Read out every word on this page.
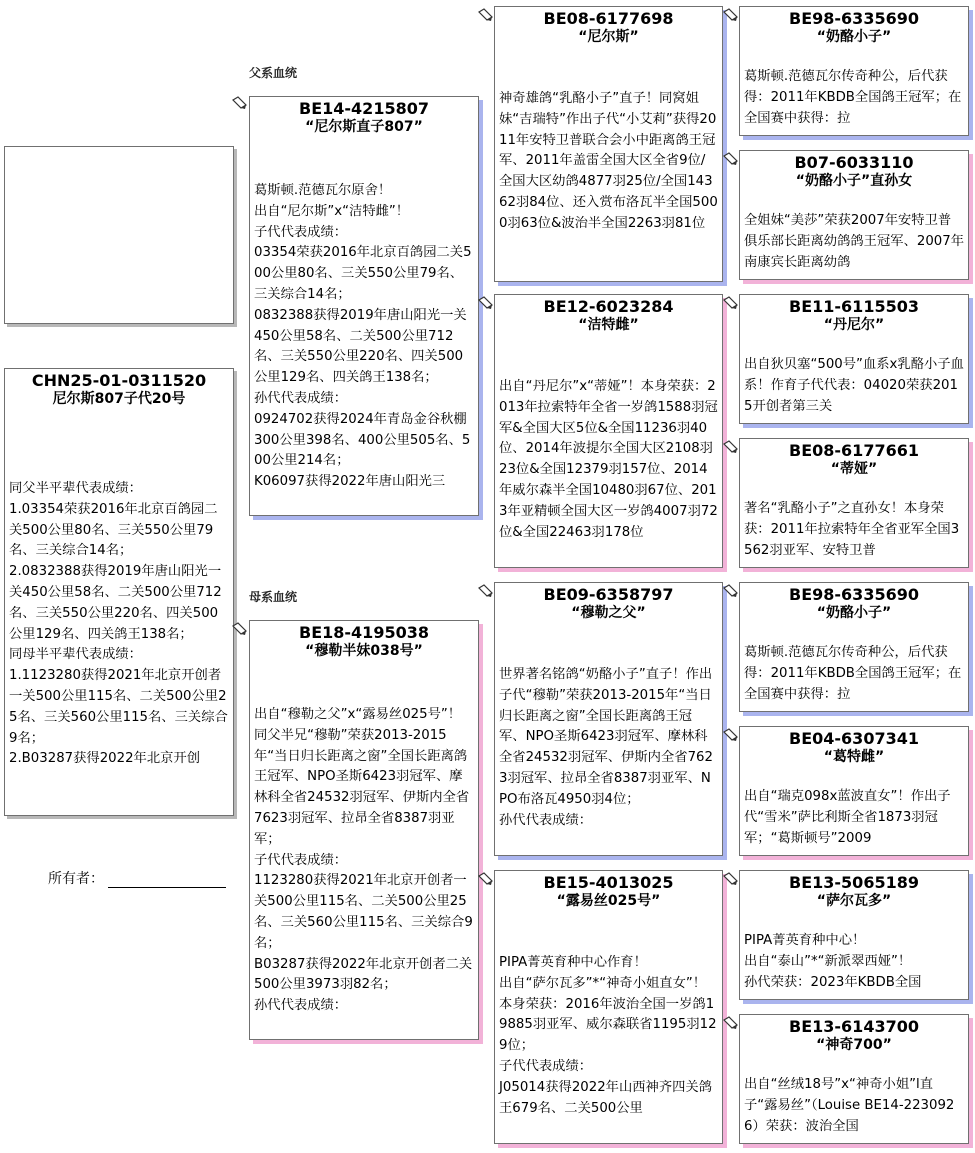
父系血统
母系血统
CHN25-01-0311520
尼尔斯807子代20号
同父半平辈代表成绩：
1.03354荣获2016年北京百鸽园二关500公里80名、三关550公里79名、三关综合14名；
2.0832388获得2019年唐山阳光一关450公里58名、二关500公里712名、三关550公里220名、四关500公里129名、四关鸽王138名；
同母半平辈代表成绩：
1.1123280获得2021年北京开创者一关500公里115名、二关500公里25名、三关560公里115名、三关综合9名；
2.B03287获得2022年北京开创
所有者：
BE14-4215807
“尼尔斯直子807”
葛斯顿.范德瓦尔原舍！
出自“尼尔斯”x“洁特雌”！
子代代表成绩：
03354荣获2016年北京百鸽园二关500公里80名、三关550公里79名、三关综合14名；
0832388获得2019年唐山阳光一关450公里58名、二关500公里712名、三关550公里220名、四关500公里129名、四关鸽王138名；
孙代代表成绩：
0924702获得2024年青岛金谷秋棚300公里398名、400公里505名、500公里214名；
K06097获得2022年唐山阳光三
BE18-4195038
“穆勒半妹038号”
出自“穆勒之父”x“露易丝025号”！
同父半兄“穆勒”荣获2013-2015年“当日归长距离之窗”全国长距离鸽王冠军、NPO圣斯6423羽冠军、摩林科全省24532羽冠军、伊斯内全省7623羽冠军、拉昂全省8387羽亚军；
子代代表成绩：
1123280获得2021年北京开创者一关500公里115名、二关500公里25名、三关560公里115名、三关综合9名；
B03287获得2022年北京开创者二关500公里3973羽82名；
孙代代表成绩：
BE08-6177698
“尼尔斯”
神奇雄鸽“乳酪小子”直子！同窝姐妹“吉瑞特”作出子代“小艾莉”获得2011年安特卫普联合会小中距离鸽王冠军、2011年盖雷全国大区全省9位/全国大区幼鸽4877羽25位/全国14362羽84位、还入赏布洛瓦半全国5000羽63位&波治半全国2263羽81位
BE12-6023284
“洁特雌”
出自“丹尼尔”x“蒂娅”！本身荣获：2013年拉索特年全省一岁鸽1588羽冠军&全国大区5位&全国11236羽40位、2014年波提尔全国大区2108羽23位&全国12379羽157位、2014年威尔森半全国10480羽67位、2013年亚精顿全国大区一岁鸽4007羽72位&全国22463羽178位
BE09-6358797
“穆勒之父”
世界著名铭鸽“奶酪小子”直子！作出子代“穆勒”荣获2013-2015年“当日归长距离之窗”全国长距离鸽王冠军、NPO圣斯6423羽冠军、摩林科全省24532羽冠军、伊斯内全省7623羽冠军、拉昂全省8387羽亚军、NPO布洛瓦4950羽4位；
孙代代表成绩：
BE15-4013025
“露易丝025号”
PIPA菁英育种中心作育！
出自“萨尔瓦多”*“神奇小姐直女”！
本身荣获：2016年波治全国一岁鸽19885羽亚军、威尔森联省1195羽129位；
子代代表成绩：
J05014获得2022年山西神齐四关鸽王679名、二关500公里
BE98-6335690
“奶酪小子”
葛斯顿.范德瓦尔传奇种公，后代获得：2011年KBDB全国鸽王冠军；在全国赛中获得：拉
B07-6033110
“奶酪小子”直孙女
全姐妹“美莎”荣获2007年安特卫普俱乐部长距离幼鸽鸽王冠军、2007年南康宾长距离幼鸽
BE11-6115503
“丹尼尔”
出自狄贝塞“500号”血系x乳酪小子血系！作育子代代表：04020荣获2015开创者第三关
BE08-6177661
“蒂娅”
著名“乳酪小子”之直孙女！本身荣获：2011年拉索特年全省亚军全国3562羽亚军、安特卫普
BE98-6335690
“奶酪小子”
葛斯顿.范德瓦尔传奇种公，后代获得：2011年KBDB全国鸽王冠军；在全国赛中获得：拉
BE04-6307341
“葛特雌”
出自“瑞克098x蓝波直女”！作出子代“雪米”萨比利斯全省1873羽冠军；“葛斯顿号”2009
BE13-5065189
“萨尔瓦多”
PIPA菁英育种中心！
出自“泰山”*“新派翠西娅”！
孙代荣获：2023年KBDB全国
BE13-6143700
“神奇700”
出自“丝绒18号”x“神奇小姐”l直子“露易丝”（Louise BE14-2230926）荣获：波治全国
